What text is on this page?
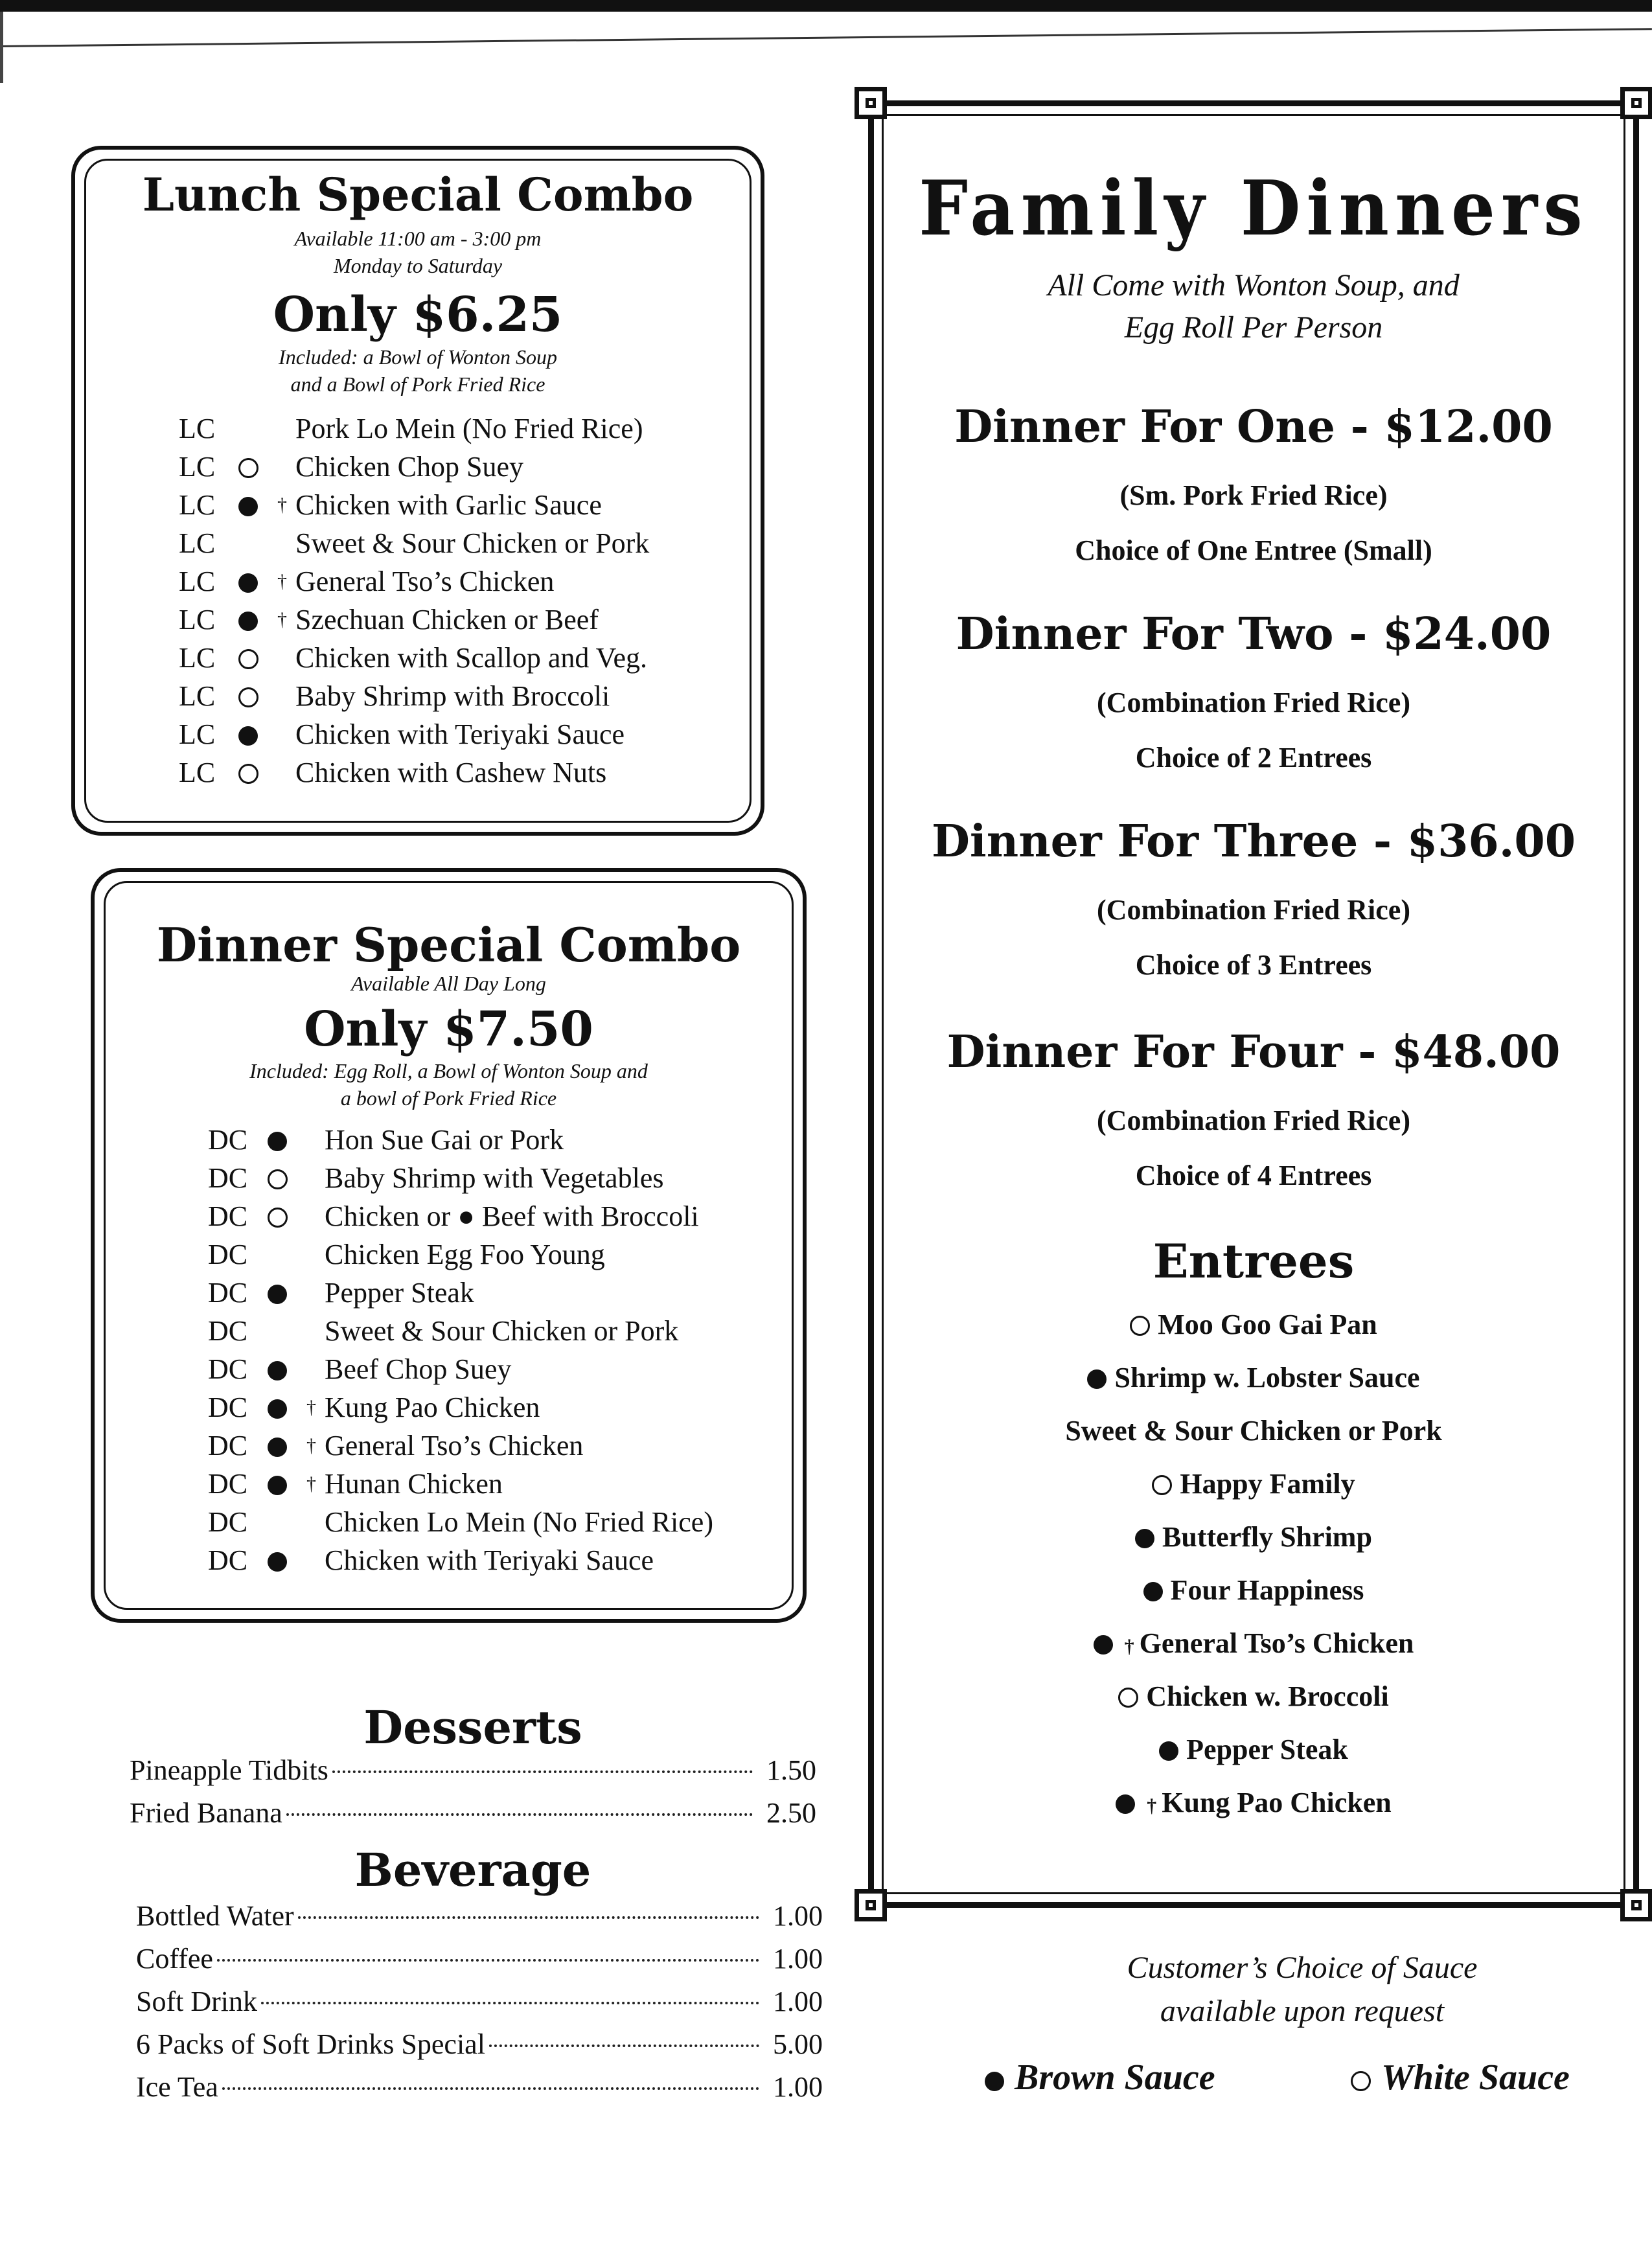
Lunch Special Combo
Available 11:00 am - 3:00 pm
Monday to Saturday
Only $6.25
Included: a Bowl of Wonton Soup
and a Bowl of Pork Fried Rice
LC	Pork Lo Mein (No Fried Rice)
LC	Chicken Chop Suey
LC	† Chicken with Garlic Sauce
LC	Sweet & Sour Chicken or Pork
LC	† General Tso’s Chicken
LC	† Szechuan Chicken or Beef
LC	Chicken with Scallop and Veg.
LC	Baby Shrimp with Broccoli
LC	Chicken with Teriyaki Sauce
LC	Chicken with Cashew Nuts
Dinner Special Combo
Available All Day Long
Only $7.50
Included: Egg Roll, a Bowl of Wonton Soup and
a bowl of Pork Fried Rice
DC	Hon Sue Gai or Pork
DC	Baby Shrimp with Vegetables
DC	Chicken or ● Beef with Broccoli
DC	Chicken Egg Foo Young
DC	Pepper Steak
DC	Sweet & Sour Chicken or Pork
DC	Beef Chop Suey
DC	† Kung Pao Chicken
DC	† General Tso’s Chicken
DC	† Hunan Chicken
DC	Chicken Lo Mein (No Fried Rice)
DC	Chicken with Teriyaki Sauce
Desserts
Pineapple Tidbits	1.50
Fried Banana	2.50
Beverage
Bottled Water	1.00
Coffee	1.00
Soft Drink	1.00
6 Packs of Soft Drinks Special	5.00
Ice Tea	1.00
Family Dinners
All Come with Wonton Soup, and
Egg Roll Per Person
Dinner For One - $12.00
(Sm. Pork Fried Rice)
Choice of One Entree (Small)
Dinner For Two - $24.00
(Combination Fried Rice)
Choice of 2 Entrees
Dinner For Three - $36.00
(Combination Fried Rice)
Choice of 3 Entrees
Dinner For Four - $48.00
(Combination Fried Rice)
Choice of 4 Entrees
Entrees
Moo Goo Gai Pan
Shrimp w. Lobster Sauce
Sweet & Sour Chicken or Pork
Happy Family
Butterfly Shrimp
Four Happiness
† General Tso’s Chicken
Chicken w. Broccoli
Pepper Steak
† Kung Pao Chicken
Customer’s Choice of Sauce
available upon request
Brown Sauce	White Sauce
